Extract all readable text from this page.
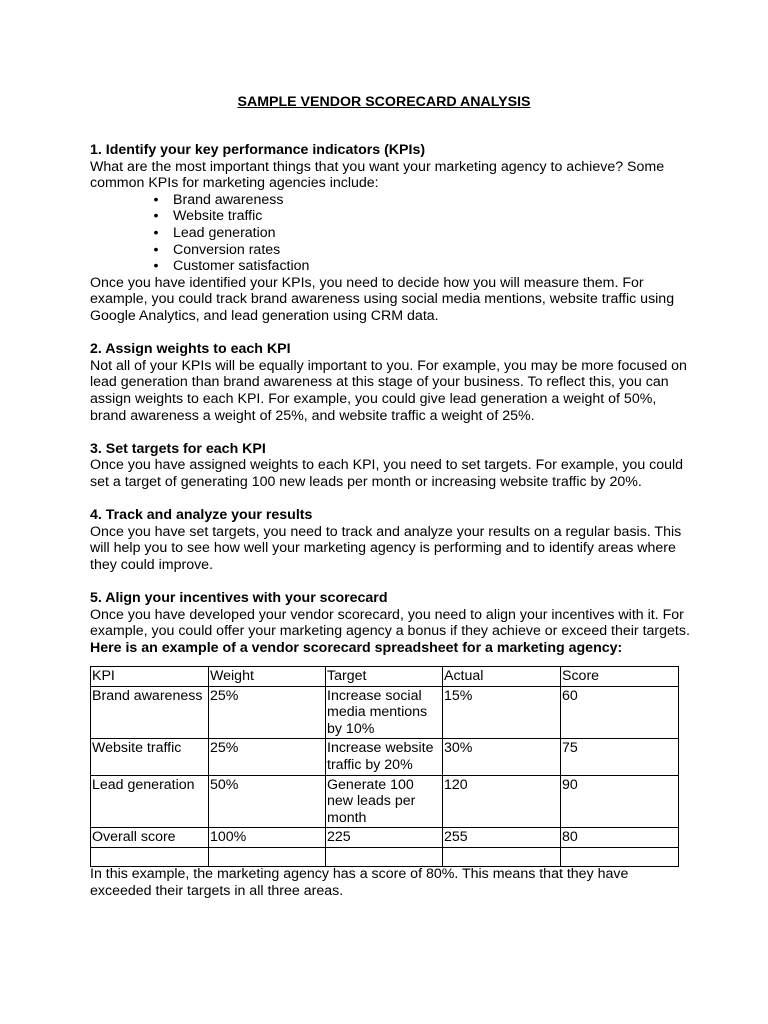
SAMPLE VENDOR SCORECARD ANALYSIS
1. Identify your key performance indicators (KPIs)

What are the most important things that you want your marketing agency to achieve? Some common KPIs for marketing agencies include:

• Brand awareness
• Website traffic
• Lead generation
• Conversion rates
• Customer satisfaction

Once you have identified your KPIs, you need to decide how you will measure them. For example, you could track brand awareness using social media mentions, website traffic using Google Analytics, and lead generation using CRM data.

2. Assign weights to each KPI

Not all of your KPIs will be equally important to you. For example, you may be more focused on lead generation than brand awareness at this stage of your business. To reflect this, you can assign weights to each KPI. For example, you could give lead generation a weight of 50%, brand awareness a weight of 25%, and website traffic a weight of 25%.

3. Set targets for each KPI

Once you have assigned weights to each KPI, you need to set targets. For example, you could set a target of generating 100 new leads per month or increasing website traffic by 20%.

4. Track and analyze your results

Once you have set targets, you need to track and analyze your results on a regular basis. This will help you to see how well your marketing agency is performing and to identify areas where they could improve.

5. Align your incentives with your scorecard

Once you have developed your vendor scorecard, you need to align your incentives with it. For example, you could offer your marketing agency a bonus if they achieve or exceed their targets.

Here is an example of a vendor scorecard spreadsheet for a marketing agency:

KPI	Weight	Target	Actual	Score
Brand awareness	25%	Increase social media mentions by 10%	15%	60
Website traffic	25%	Increase website traffic by 20%	30%	75
Lead generation	50%	Generate 100 new leads per month	120	90
Overall score	100%	225	255	80

In this example, the marketing agency has a score of 80%. This means that they have exceeded their targets in all three areas.
